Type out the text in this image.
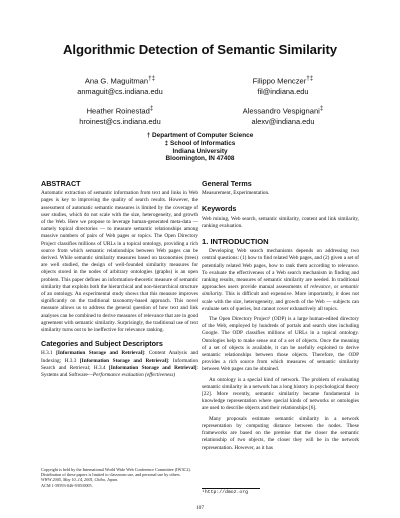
Algorithmic Detection of Semantic Similarity
Ana G. Maguitman†‡
anmaguit@cs.indiana.edu
Filippo Menczer†‡
fil@indiana.edu
Heather Roinestad‡
hroinest@cs.indiana.edu
Alessandro Vespignani‡
alexv@indiana.edu
† Department of Computer Science
‡ School of Informatics
Indiana University
Bloomington, IN 47408
ABSTRACT

Automatic extraction of semantic information from text and links in Web pages is key to improving the quality of search results. However, the assessment of automatic semantic measures is limited by the coverage of user studies, which do not scale with the size, heterogeneity, and growth of the Web. Here we propose to leverage human-generated meta-data — namely topical directories — to measure semantic relationships among massive numbers of pairs of Web pages or topics. The Open Directory Project classifies millions of URLs in a topical ontology, providing a rich source from which semantic relationships between Web pages can be derived. While semantic similarity measures based on taxonomies (trees) are well studied, the design of well-founded similarity measures for objects stored in the nodes of arbitrary ontologies (graphs) is an open problem. This paper defines an information-theoretic measure of semantic similarity that exploits both the hierarchical and non-hierarchical structure of an ontology. An experimental study shows that this measure improves significantly on the traditional taxonomy-based approach. This novel measure allows us to address the general question of how text and link analyses can be combined to derive measures of relevance that are in good agreement with semantic similarity. Surprisingly, the traditional use of text similarity turns out to be ineffective for relevance ranking.

Categories and Subject Descriptors

H.3.1 [Information Storage and Retrieval]: Content Analysis and Indexing; H.3.3 [Information Storage and Retrieval]: Information Search and Retrieval; H.3.4 [Information Storage and Retrieval]: Systems and Software—Performance evaluation (effectiveness)

Copyright is held by the International World Wide Web Conference Committee (IW3C2). Distribution of these papers is limited to classroom use, and personal use by others.

WWW 2005, May 10–14, 2005, Chiba, Japan.

ACM 1-59593-046-9/05/0005.

General Terms

Measurement, Experimentation.

Keywords

Web mining, Web search, semantic similarity, content and link similarity, ranking evaluation.

1. INTRODUCTION

Developing Web search mechanisms depends on addressing two central questions: (1) how to find related Web pages, and (2) given a set of potentially related Web pages, how to rank them according to relevance. To evaluate the effectiveness of a Web search mechanism in finding and ranking results, measures of semantic similarity are needed. In traditional approaches users provide manual assessments of relevance, or semantic similarity. This is difficult and expensive. More importantly, it does not scale with the size, heterogeneity, and growth of the Web — subjects can evaluate sets of queries, but cannot cover exhaustively all topics.

The Open Directory Project¹ (ODP) is a large human-edited directory of the Web, employed by hundreds of portals and search sites including Google. The ODP classifies millions of URLs in a topical ontology. Ontologies help to make sense out of a set of objects. Once the meaning of a set of objects is available, it can be usefully exploited to derive semantic relationships between those objects. Therefore, the ODP provides a rich source from which measures of semantic similarity between Web pages can be obtained.

An ontology is a special kind of network. The problem of evaluating semantic similarity in a network has a long history in psychological theory [22]. More recently, semantic similarity became fundamental in knowledge representation where special kinds of networks or ontologies are used to describe objects and their relationships [6].

Many proposals estimate semantic similarity in a network representation by computing distance between the nodes. These frameworks are based on the premise that the closer the semantic relationship of two objects, the closer they will be in the network representation. However, as it has

¹http://dmoz.org
107
